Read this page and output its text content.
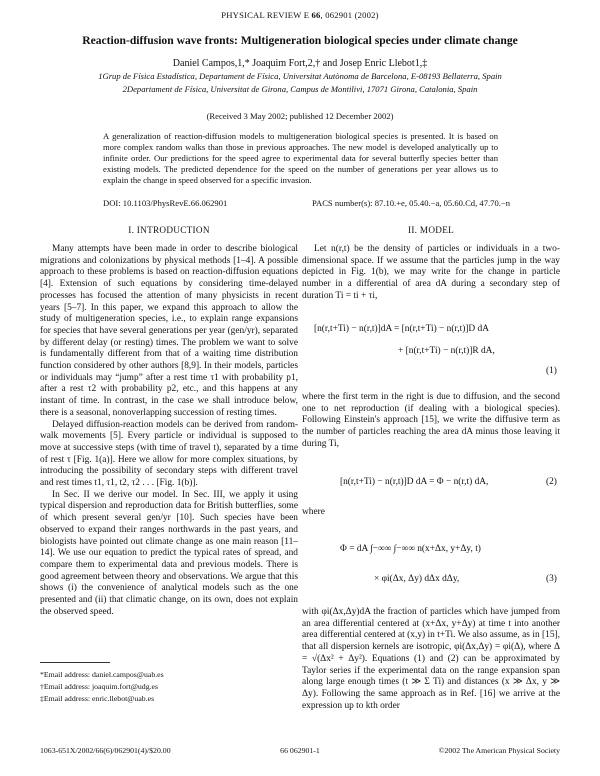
PHYSICAL REVIEW E 66, 062901 (2002)
Reaction-diffusion wave fronts: Multigeneration biological species under climate change
Daniel Campos,1,* Joaquim Fort,2,† and Josep Enric Llebot1,‡
1Grup de Física Estadística, Departament de Física, Universitat Autònoma de Barcelona, E-08193 Bellaterra, Spain
2Departament de Física, Universitat de Girona, Campus de Montilivi, 17071 Girona, Catalonia, Spain
(Received 3 May 2002; published 12 December 2002)

A generalization of reaction-diffusion models to multigeneration biological species is presented. It is based on more complex random walks than those in previous approaches. The new model is developed analytically up to infinite order. Our predictions for the speed agree to experimental data for several butterfly species better than existing models. The predicted dependence for the speed on the number of generations per year allows us to explain the change in speed observed for a specific invasion.

DOI: 10.1103/PhysRevE.66.062901	PACS number(s): 87.10.+e, 05.40.−a, 05.60.Cd, 47.70.−n
I. INTRODUCTION

Many attempts have been made in order to describe biological migrations and colonizations by physical methods [1–4]. A possible approach to these problems is based on reaction-diffusion equations [4]. Extension of such equations by considering time-delayed processes has focused the attention of many physicists in recent years [5–7]. In this paper, we expand this approach to allow the study of multigeneration species, i.e., to explain range expansions for species that have several generations per year (gen/yr), separated by different delay (or resting) times. The problem we want to solve is fundamentally different from that of a waiting time distribution function considered by other authors [8,9]. In their models, particles or individuals may “jump” after a rest time τ1 with probability p1, after a rest τ2 with probability p2, etc., and this happens at any instant of time. In contrast, in the case we shall introduce below, there is a seasonal, nonoverlapping succession of resting times.

Delayed diffusion-reaction models can be derived from random-walk movements [5]. Every particle or individual is supposed to move at successive steps (with time of travel t), separated by a time of rest τ [Fig. 1(a)]. Here we allow for more complex situations, by introducing the possibility of secondary steps with different travel and rest times t1, τ1, t2, τ2 . . . [Fig. 1(b)].

In Sec. II we derive our model. In Sec. III, we apply it using typical dispersion and reproduction data for British butterflies, some of which present several gen/yr [10]. Such species have been observed to expand their ranges northwards in the past years, and biologists have pointed out climate change as one main reason [11–14]. We use our equation to predict the typical rates of spread, and compare them to experimental data and previous models. There is good agreement between theory and observations. We argue that this shows (i) the convenience of analytical models such as the one presented and (ii) that climatic change, on its own, does not explain the observed speed.

*Email address: daniel.campos@uab.es
†Email address: joaquim.fort@udg.es
‡Email address: enric.llebot@uab.es
II. MODEL

Let n(r,t) be the density of particles or individuals in a two-dimensional space. If we assume that the particles jump in the way depicted in Fig. 1(b), we may write for the change in particle number in a differential of area dA during a secondary step of duration Ti = ti + τi,

[n(r,t+Ti) − n(r,t)]dA = [n(r,t+Ti) − n(r,t)]D dA
+ [n(r,t+Ti) − n(r,t)]R dA,
(1)

where the first term in the right is due to diffusion, and the second one to net reproduction (if dealing with a biological species). Following Einstein's approach [15], we write the diffusive term as the number of particles reaching the area dA minus those leaving it during Ti,

[n(r,t+Ti) − n(r,t)]D dA = Φ − n(r,t) dA,	(2)
where
Φ = dA ∫−∞∞ ∫−∞∞ n(x+Δx, y+Δy, t)
× φi(Δx, Δy) dΔx dΔy,	(3)

with φi(Δx,Δy)dA the fraction of particles which have jumped from an area differential centered at (x+Δx, y+Δy) at time t into another area differential centered at (x,y) in t+Ti. We also assume, as in [15], that all dispersion kernels are isotropic, φi(Δx,Δy) = φi(Δ), where Δ = √(Δx² + Δy²). Equations (1) and (2) can be approximated by Taylor series if the experimental data on the range expansion span along large enough times (t ≫ Σ Ti) and distances (x ≫ Δx, y ≫ Δy). Following the same approach as in Ref. [16] we arrive at the expression up to kth order

1063-651X/2002/66(6)/062901(4)/$20.00	66 062901-1	©2002 The American Physical Society
